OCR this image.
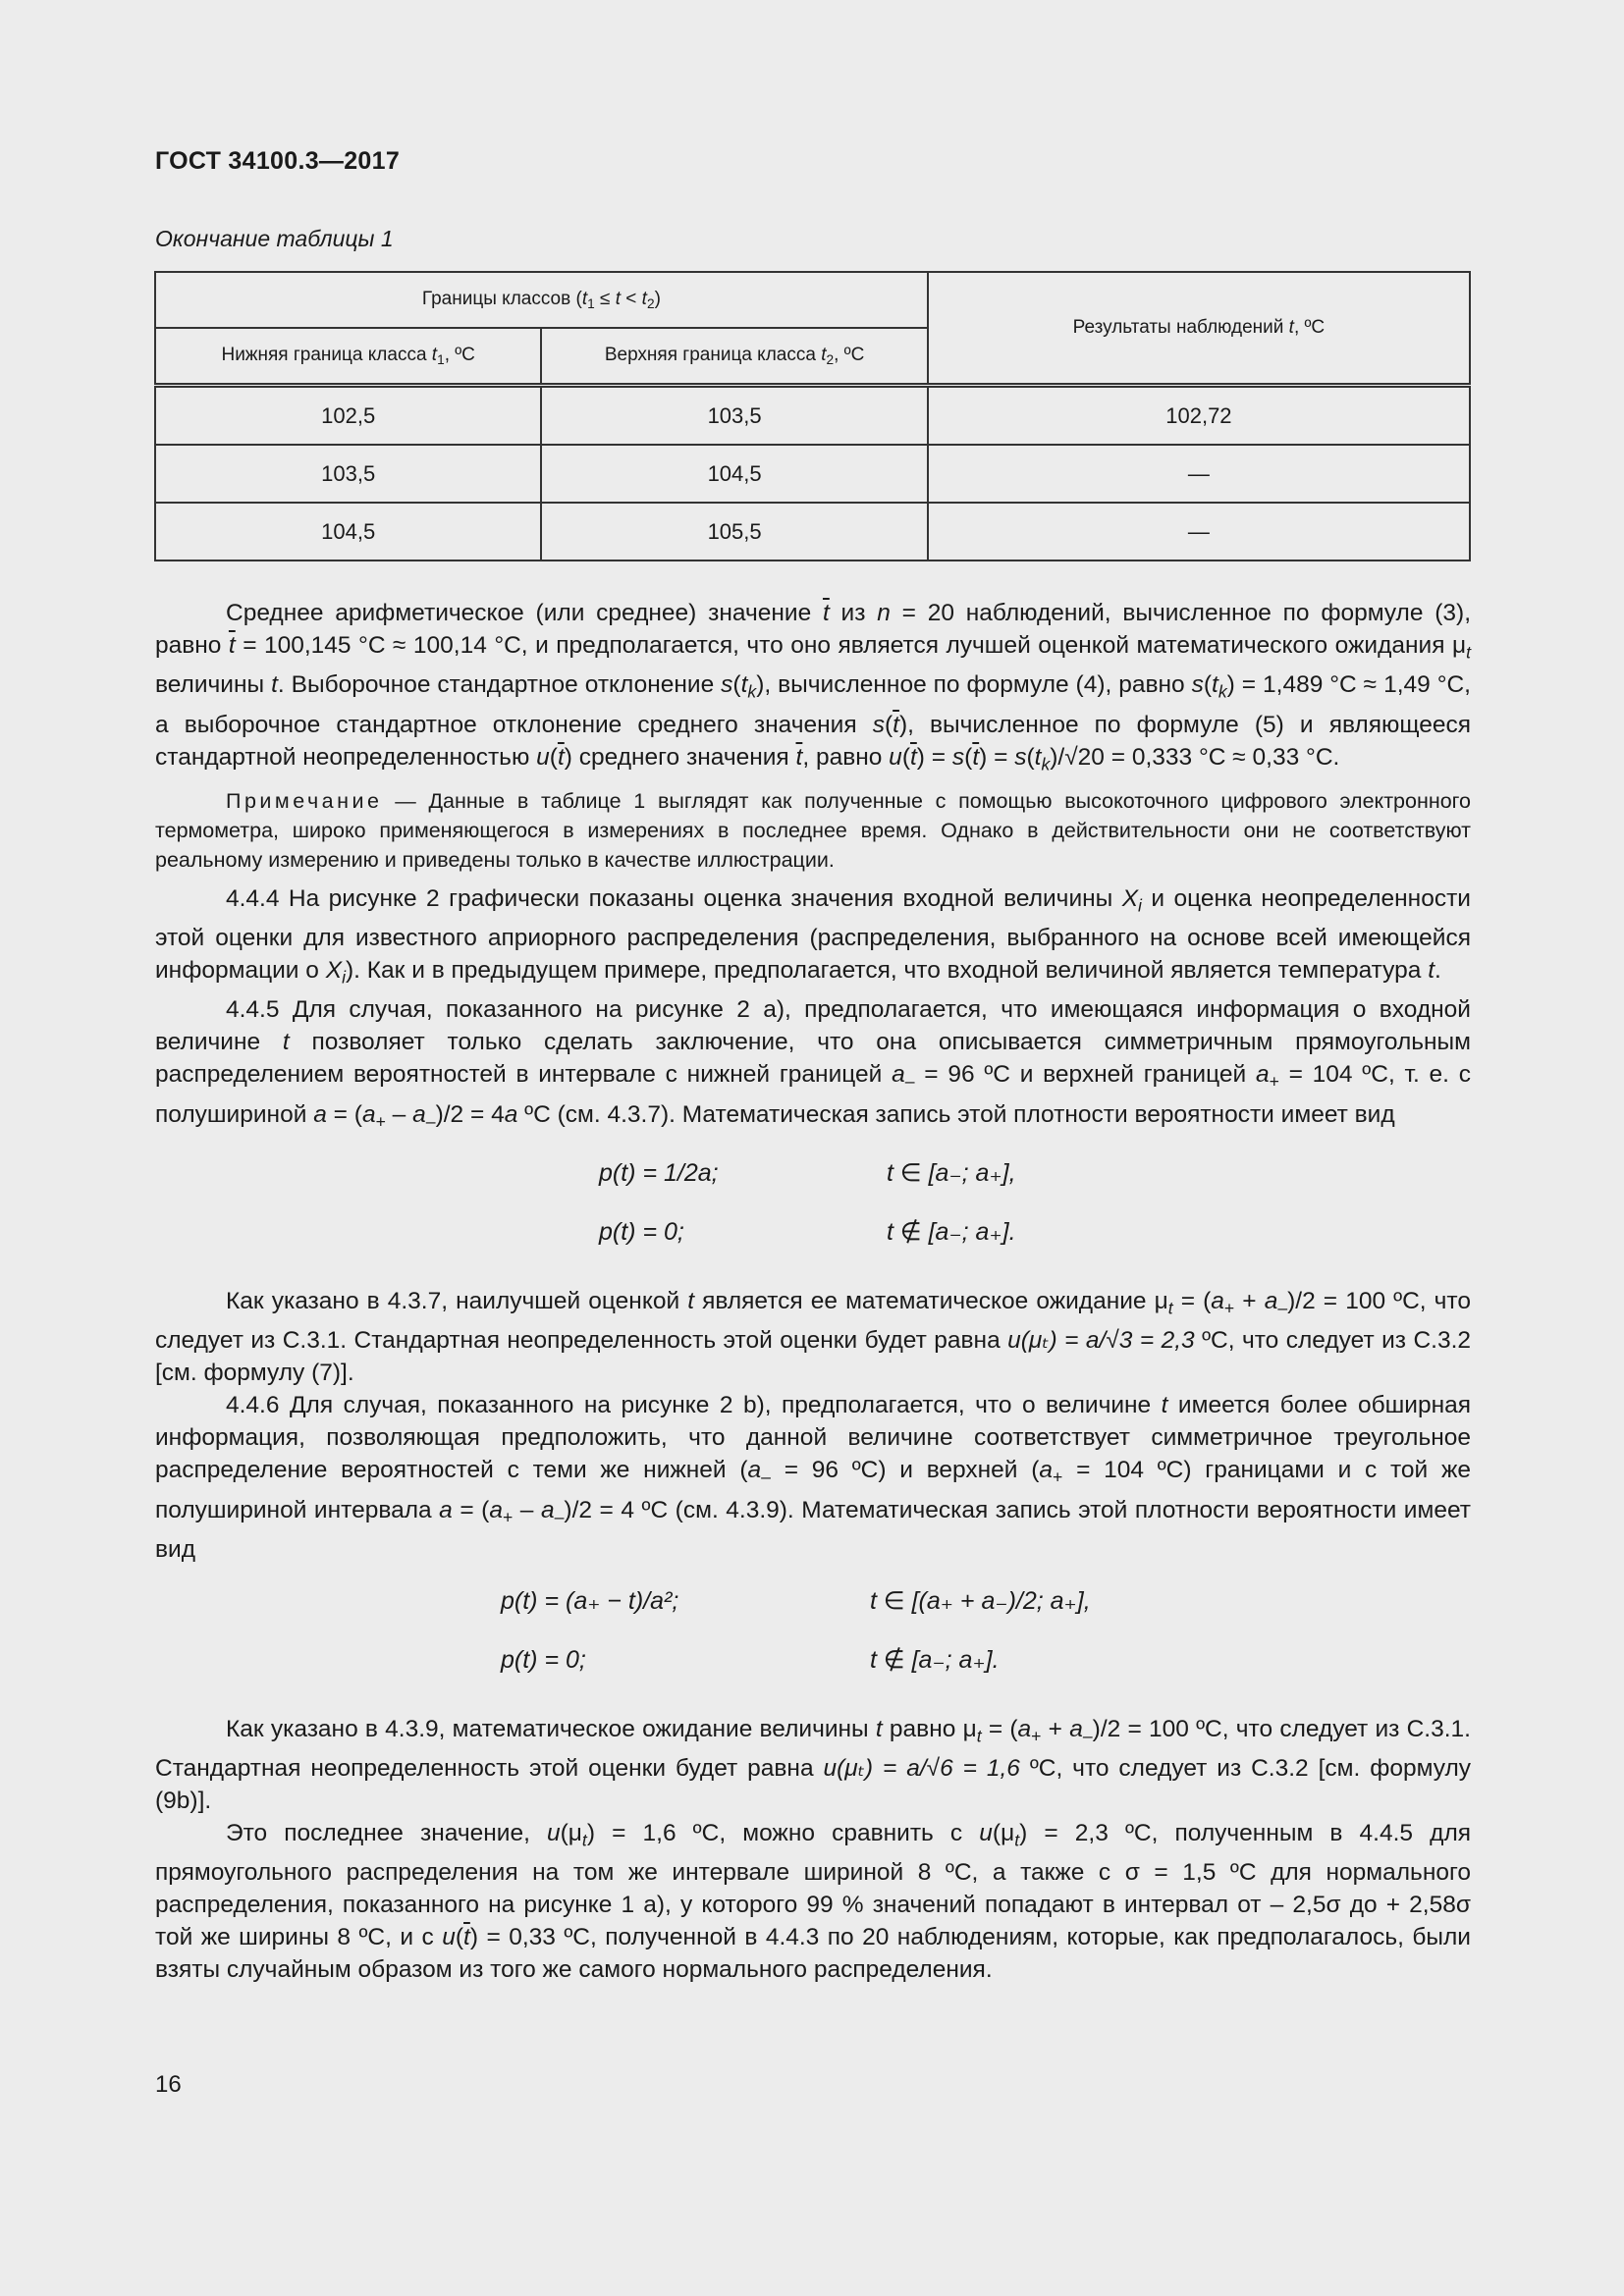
ГОСТ 34100.3—2017
Окончание таблицы 1
Границы классов $(t_1 \le t < t_2)$		Результаты наблюдений t, ºC
Нижняя граница класса $t_1$, ºC	Верхняя граница класса $t_2$, ºC	
102,5	103,5	102,72
103,5	104,5	—
104,5	105,5	—

Среднее арифметическое (или среднее) значение $\overline{t}$ из n = 20 наблюдений, вычисленное по формуле (3), равно $\overline{t} = 100,145$ °C ≈ 100,14 °C, и предполагается, что оно является лучшей оценкой математического ожидания $\mu_t$ величины t. Выборочное стандартное отклонение $s(t_k)$, вычисленное по формуле (4), равно $s(t_k) = 1,489$ °C ≈ 1,49 °C, а выборочное стандартное отклонение среднего значения $s(\overline{t})$, вычисленное по формуле (5) и являющееся стандартной неопределенностью $u(\overline{t})$ среднего значения $\overline{t}$, равно $u(\overline{t}) = s(\overline{t}) = s(t_k)/√20 = 0,333$ °C ≈ 0,33 °C.

Примечание — Данные в таблице 1 выглядят как полученные с помощью высокоточного цифрового электронного термометра, широко применяющегося в измерениях в последнее время. Однако в действительности они не соответствуют реальному измерению и приведены только в качестве иллюстрации.

4.4.4 На рисунке 2 графически показаны оценка значения входной величины $X_i$ и оценка неопределенности этой оценки для известного априорного распределения (распределения, выбранного на основе всей имеющейся информации о $X_i$). Как и в предыдущем примере, предполагается, что входной величиной является температура t.

4.4.5 Для случая, показанного на рисунке 2 а), предполагается, что имеющаяся информация о входной величине t позволяет только сделать заключение, что она описывается симметричным прямоугольным распределением вероятностей в интервале с нижней границей $a_- = 96$ ºC и верхней границей $a_+ = 104$ ºC, т. е. с полушириной $a = (a_+ - a_-)/2 = 4a$ ºC (см. 4.3.7). Математическая запись этой плотности вероятности имеет вид

p(t) = 1/2a;	t ∈ [a₋; a₊],
p(t) = 0;	t ∉ [a₋; a₊].

Как указано в 4.3.7, наилучшей оценкой t является ее математическое ожидание $\mu_t = (a_+ + a_-)/2 = 100$ ºC, что следует из С.3.1. Стандартная неопределенность этой оценки будет равна u(μₜ) = a/√3 = 2,3 ºC, что следует из С.3.2 [см. формулу (7)].

4.4.6 Для случая, показанного на рисунке 2 b), предполагается, что о величине t имеется более обширная информация, позволяющая предположить, что данной величине соответствует симметричное треугольное распределение вероятностей с теми же нижней ($a_- = 96$ ºC) и верхней ($a_+ = 104$ ºC) границами и с той же полушириной интервала $a = (a_+ - a_-)/2 = 4$ ºC (см. 4.3.9). Математическая запись этой плотности вероятности имеет вид

p(t) = (a₊ − t)/a²;	t ∈ [(a₊ + a₋)/2; a₊],
p(t) = 0;	t ∉ [a₋; a₊].

Как указано в 4.3.9, математическое ожидание величины t равно $\mu_t = (a_+ + a_-)/2 = 100$ ºC, что следует из С.3.1. Стандартная неопределенность этой оценки будет равна u(μₜ) = a/√6 = 1,6 ºC, что следует из С.3.2 [см. формулу (9b)].

Это последнее значение, $u(\mu_t) = 1,6$ ºC, можно сравнить с $u(\mu_t) = 2,3$ ºC, полученным в 4.4.5 для прямоугольного распределения на том же интервале шириной 8 ºC, а также с σ = 1,5 ºC для нормального распределения, показанного на рисунке 1 а), у которого 99 % значений попадают в интервал от – 2,5σ до + 2,58σ той же ширины 8 ºC, и с $u(\overline{t}) = 0,33$ ºC, полученной в 4.4.3 по 20 наблюдениям, которые, как предполагалось, были взяты случайным образом из того же самого нормального распределения.

16
